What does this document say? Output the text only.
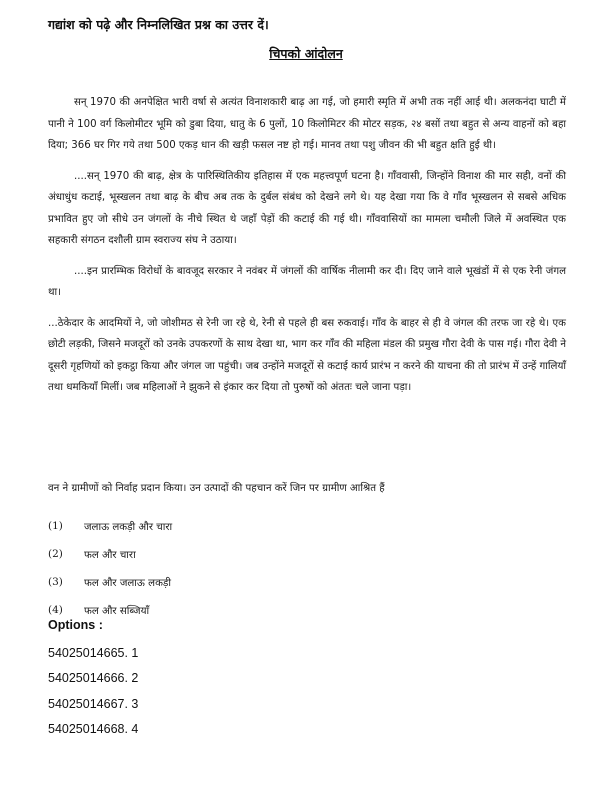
गद्यांश को पढ़े और निम्नलिखित प्रश्न का उत्तर दें।
चिपको आंदोलन

सन् 1970 की अनपेक्षित भारी वर्षा से अत्यंत विनाशकारी बाढ़ आ गई, जो हमारी स्मृति में अभी तक नहीं आई थी। अलकनंदा घाटी में पानी ने 100 वर्ग किलोमीटर भूमि को डुबा दिया, धातु के 6 पुलों, 10 किलोमिटर की मोटर सड़क, २४ बसों तथा बहुत से अन्य वाहनों को बहा दिया; 366 घर गिर गये तथा 500 एकड़ धान की खड़ी फसल नष्ट हो गई। मानव तथा पशु जीवन की भी बहुत क्षति हुई थी।

....सन् 1970 की बाढ़, क्षेत्र के पारिस्थितिकीय इतिहास में एक महत्त्वपूर्ण घटना है। गाँववासी, जिन्होंने विनाश की मार सही, वनों की अंधाधुंध कटाई, भूस्खलन तथा बाढ़ के बीच अब तक के दुर्बल संबंध को देखने लगे थे। यह देखा गया कि वे गाँव भूस्खलन से सबसे अधिक प्रभावित हुए जो सीधे उन जंगलों के नीचे स्थित थे जहाँ पेड़ों की कटाई की गई थी। गाँववासियों का मामला चमौली जिले में अवस्थित एक सहकारी संगठन दशौली ग्राम स्वराज्य संघ ने उठाया।

....इन प्रारम्भिक विरोधों के बावजूद सरकार ने नवंबर में जंगलों की वार्षिक नीलामी कर दी। दिए जाने वाले भूखंडों में से एक रेनी जंगल था।

...ठेकेदार के आदमियों ने, जो जोशीमठ से रेनी जा रहे थे, रेनी से पहले ही बस रुकवाई। गाँव के बाहर से ही वे जंगल की तरफ जा रहे थे। एक छोटी लड़की, जिसने मजदूरों को उनके उपकरणों के साथ देखा था, भाग कर गाँव की महिला मंडल की प्रमुख गौरा देवी के पास गई। गौरा देवी ने दूसरी गृहणियों को इकट्ठा किया और जंगल जा पहुंची। जब उन्होंने मजदूरों से कटाई कार्य प्रारंभ न करने की याचना की तो प्रारंभ में उन्हें गालियाँ तथा धमकियाँ मिलीं। जब महिलाओं ने झुकने से इंकार कर दिया तो पुरुषों को अंततः चले जाना पड़ा।

वन ने ग्रामीणों को निर्वाह प्रदान किया। उन उत्पादों की पहचान करें जिन पर ग्रामीण आश्रित हैं
(1)	जलाऊ लकड़ी और चारा
(2)	फल और चारा
(3)	फल और जलाऊ लकड़ी
(4)	फल और सब्जियाँ
Options :
54025014665. 1
54025014666. 2
54025014667. 3
54025014668. 4
